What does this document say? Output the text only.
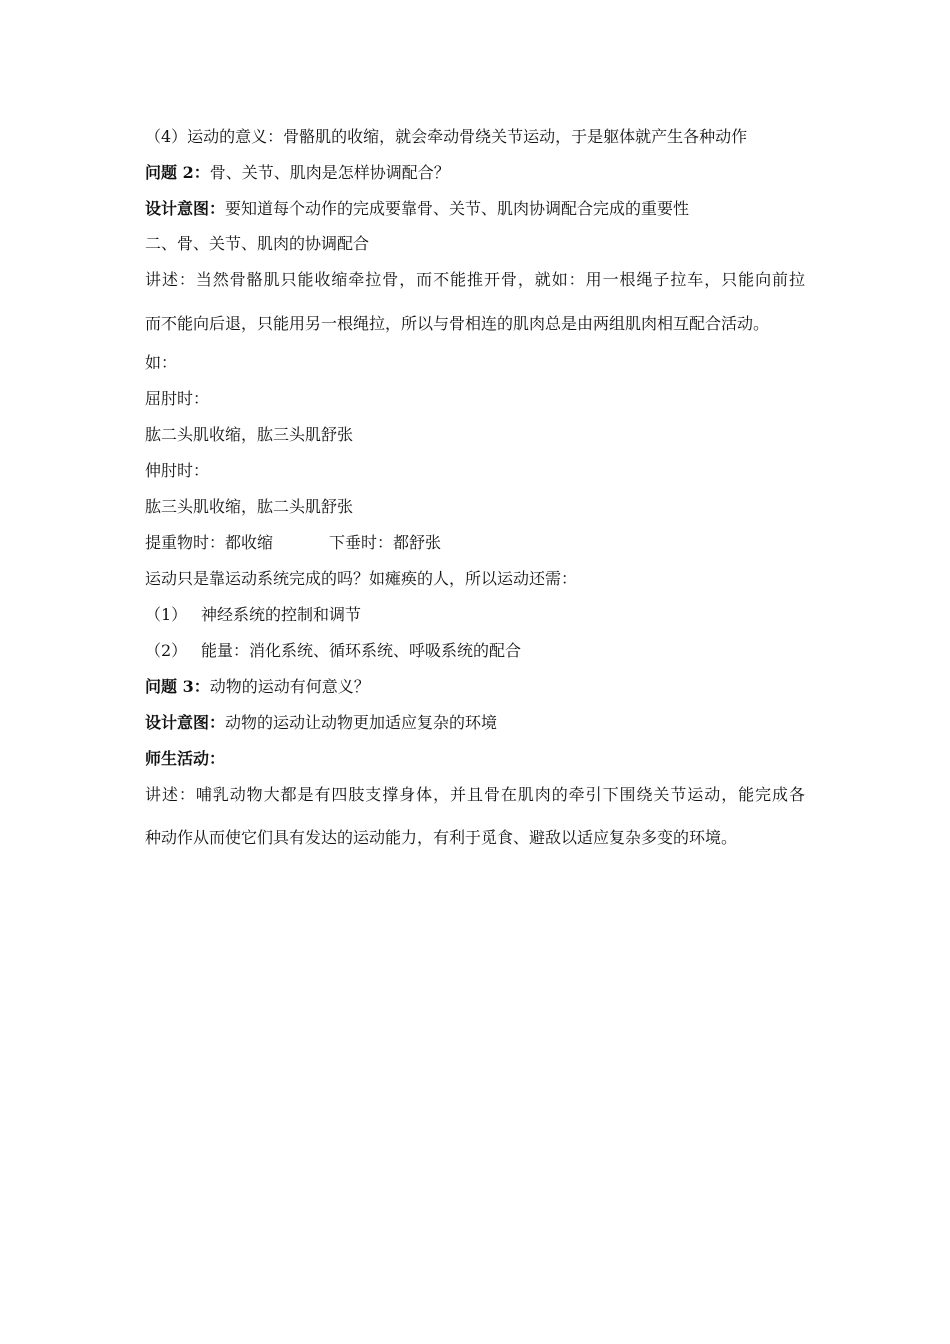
（4）运动的意义：骨骼肌的收缩，就会牵动骨绕关节运动，于是躯体就产生各种动作
问题 2：骨、关节、肌肉是怎样协调配合？
设计意图：要知道每个动作的完成要靠骨、关节、肌肉协调配合完成的重要性
二、骨、关节、肌肉的协调配合
讲述：当然骨骼肌只能收缩牵拉骨，而不能推开骨，就如：用一根绳子拉车，只能向前拉
而不能向后退，只能用另一根绳拉，所以与骨相连的肌肉总是由两组肌肉相互配合活动。
如：
屈肘时：
肱二头肌收缩，肱三头肌舒张
伸肘时：
肱三头肌收缩，肱二头肌舒张
提重物时：都收缩	下垂时：都舒张
运动只是靠运动系统完成的吗？如瘫痪的人，所以运动还需：
（1） 神经系统的控制和调节
（2） 能量：消化系统、循环系统、呼吸系统的配合
问题 3：动物的运动有何意义？
设计意图：动物的运动让动物更加适应复杂的环境
师生活动：
讲述：哺乳动物大都是有四肢支撑身体，并且骨在肌肉的牵引下围绕关节运动，能完成各
种动作从而使它们具有发达的运动能力，有利于觅食、避敌以适应复杂多变的环境。
